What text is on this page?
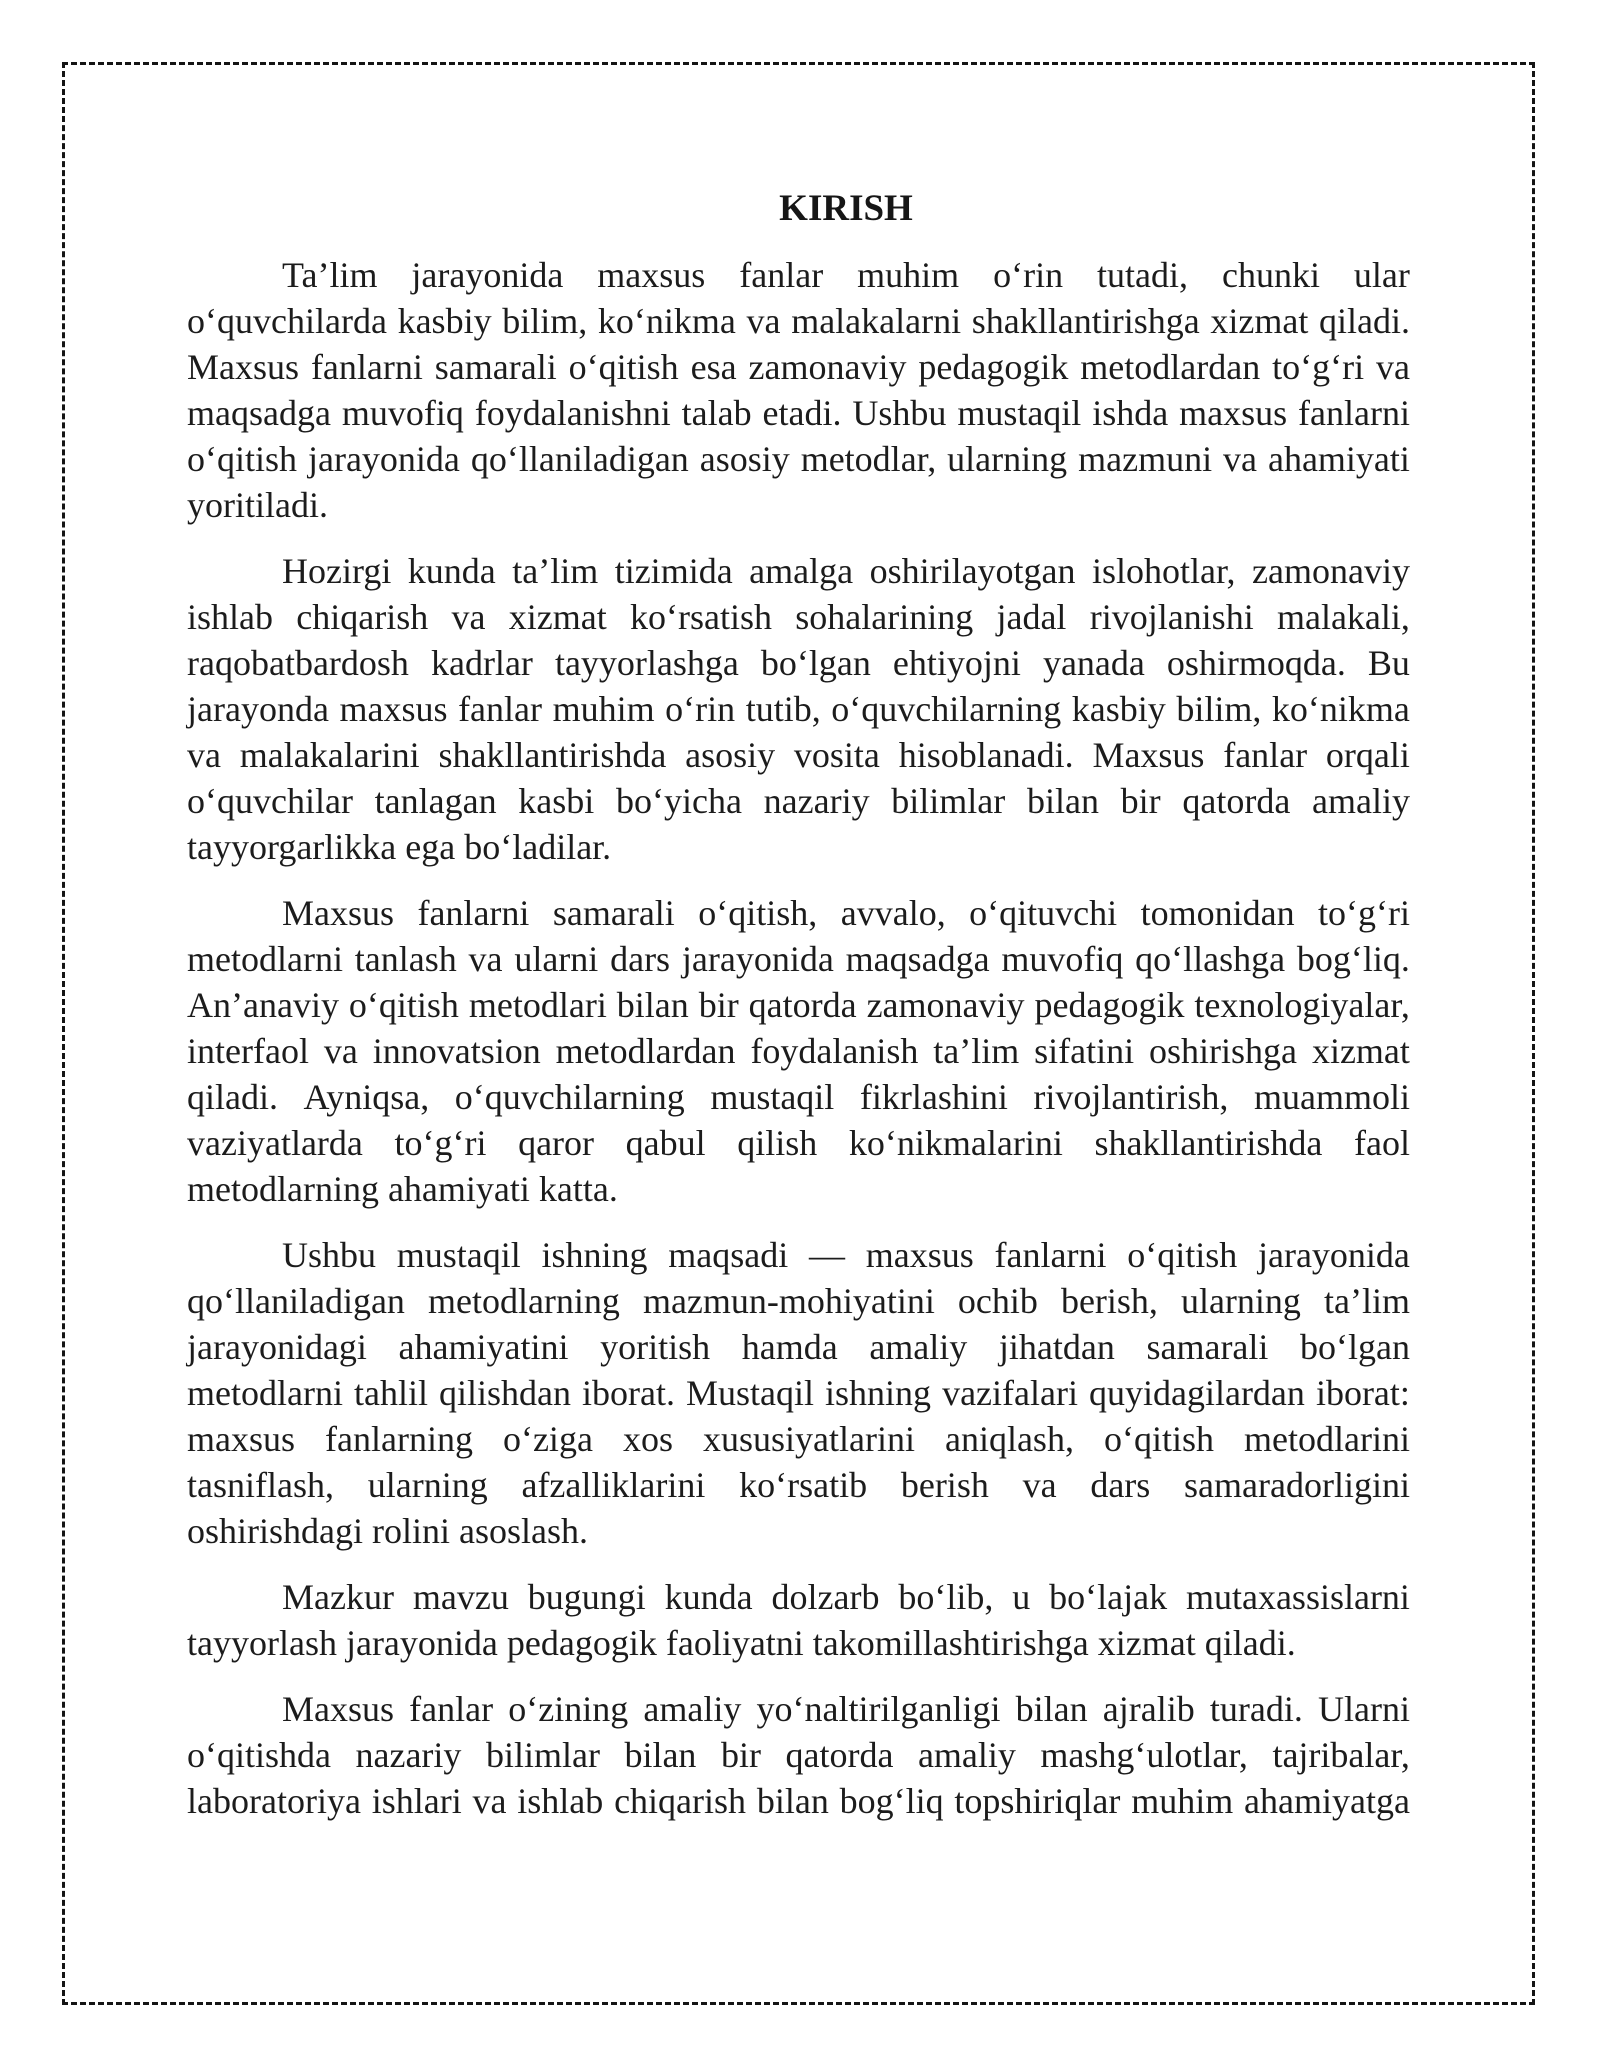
KIRISH
Ta’lim jarayonida maxsus fanlar muhim o‘rin tutadi, chunki ular
o‘quvchilarda kasbiy bilim, ko‘nikma va malakalarni shakllantirishga xizmat qiladi.
Maxsus fanlarni samarali o‘qitish esa zamonaviy pedagogik metodlardan to‘g‘ri va
maqsadga muvofiq foydalanishni talab etadi. Ushbu mustaqil ishda maxsus fanlarni
o‘qitish jarayonida qo‘llaniladigan asosiy metodlar, ularning mazmuni va ahamiyati
yoritiladi.
Hozirgi kunda ta’lim tizimida amalga oshirilayotgan islohotlar, zamonaviy
ishlab chiqarish va xizmat ko‘rsatish sohalarining jadal rivojlanishi malakali,
raqobatbardosh kadrlar tayyorlashga bo‘lgan ehtiyojni yanada oshirmoqda. Bu
jarayonda maxsus fanlar muhim o‘rin tutib, o‘quvchilarning kasbiy bilim, ko‘nikma
va malakalarini shakllantirishda asosiy vosita hisoblanadi. Maxsus fanlar orqali
o‘quvchilar tanlagan kasbi bo‘yicha nazariy bilimlar bilan bir qatorda amaliy
tayyorgarlikka ega bo‘ladilar.
Maxsus fanlarni samarali o‘qitish, avvalo, o‘qituvchi tomonidan to‘g‘ri
metodlarni tanlash va ularni dars jarayonida maqsadga muvofiq qo‘llashga bog‘liq.
An’anaviy o‘qitish metodlari bilan bir qatorda zamonaviy pedagogik texnologiyalar,
interfaol va innovatsion metodlardan foydalanish ta’lim sifatini oshirishga xizmat
qiladi. Ayniqsa, o‘quvchilarning mustaqil fikrlashini rivojlantirish, muammoli
vaziyatlarda to‘g‘ri qaror qabul qilish ko‘nikmalarini shakllantirishda faol
metodlarning ahamiyati katta.
Ushbu mustaqil ishning maqsadi — maxsus fanlarni o‘qitish jarayonida
qo‘llaniladigan metodlarning mazmun-mohiyatini ochib berish, ularning ta’lim
jarayonidagi ahamiyatini yoritish hamda amaliy jihatdan samarali bo‘lgan
metodlarni tahlil qilishdan iborat. Mustaqil ishning vazifalari quyidagilardan iborat:
maxsus fanlarning o‘ziga xos xususiyatlarini aniqlash, o‘qitish metodlarini
tasniflash, ularning afzalliklarini ko‘rsatib berish va dars samaradorligini
oshirishdagi rolini asoslash.
Mazkur mavzu bugungi kunda dolzarb bo‘lib, u bo‘lajak mutaxassislarni
tayyorlash jarayonida pedagogik faoliyatni takomillashtirishga xizmat qiladi.
Maxsus fanlar o‘zining amaliy yo‘naltirilganligi bilan ajralib turadi. Ularni
o‘qitishda nazariy bilimlar bilan bir qatorda amaliy mashg‘ulotlar, tajribalar,
laboratoriya ishlari va ishlab chiqarish bilan bog‘liq topshiriqlar muhim ahamiyatga
